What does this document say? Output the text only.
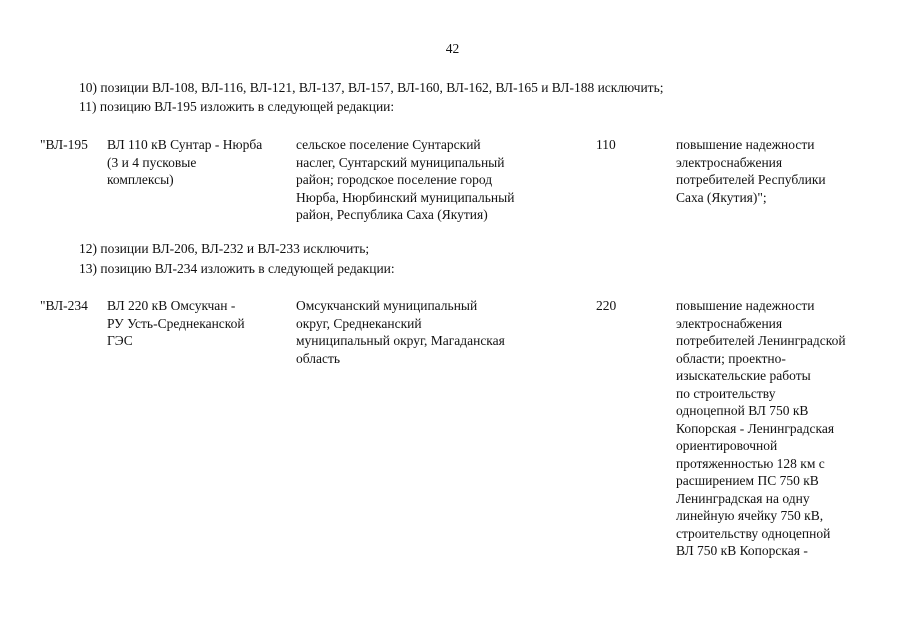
42
10) позиции ВЛ-108, ВЛ-116, ВЛ-121, ВЛ-137, ВЛ-157, ВЛ-160, ВЛ-162, ВЛ-165 и ВЛ-188 исключить;
11) позицию ВЛ-195 изложить в следующей редакции:
"ВЛ-195 ВЛ 110 кВ Сунтар - Нюрба
(3 и 4 пусковые
комплексы)
сельское поселение Сунтарский
наслег, Сунтарский муниципальный
район; городское поселение город
Нюрба, Нюрбинский муниципальный
район, Республика Саха (Якутия)
110	повышение надежности
электроснабжения
потребителей Республики
Саха (Якутия)";
12) позиции ВЛ-206, ВЛ-232 и ВЛ-233 исключить;
13) позицию ВЛ-234 изложить в следующей редакции:
"ВЛ-234 ВЛ 220 кВ Омсукчан -
РУ Усть-Среднеканской
ГЭС
Омсукчанский муниципальный
округ, Среднеканский
муниципальный округ, Магаданская
область
220	повышение надежности
электроснабжения
потребителей Ленинградской
области; проектно-
изыскательские работы
по строительству
одноцепной ВЛ 750 кВ
Копорская - Ленинградская
ориентировочной
протяженностью 128 км с
расширением ПС 750 кВ
Ленинградская на одну
линейную ячейку 750 кВ,
строительству одноцепной
ВЛ 750 кВ Копорская -
